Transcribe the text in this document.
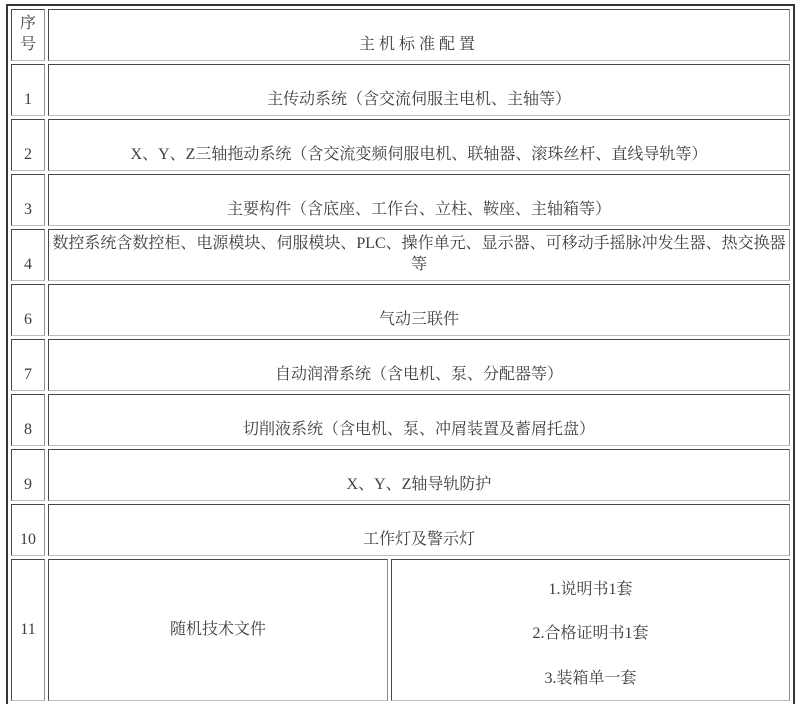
序号	主机标准配置	
1	主传动系统（含交流伺服主电机、主轴等）	
2	X、Y、Z三轴拖动系统（含交流变频伺服电机、联轴器、滚珠丝杆、直线导轨等）	
3	主要构件（含底座、工作台、立柱、鞍座、主轴箱等）	
4	数控系统含数控柜、电源模块、伺服模块、PLC、操作单元、显示器、可移动手摇脉冲发生器、热交换器等	
6	气动三联件	
7	自动润滑系统（含电机、泵、分配器等）	
8	切削液系统（含电机、泵、冲屑装置及蓄屑托盘）	
9	X、Y、Z轴导轨防护	
10	工作灯及警示灯	
11	随机技术文件	1.说明书1套
2.合格证明书1套
3.装箱单一套
